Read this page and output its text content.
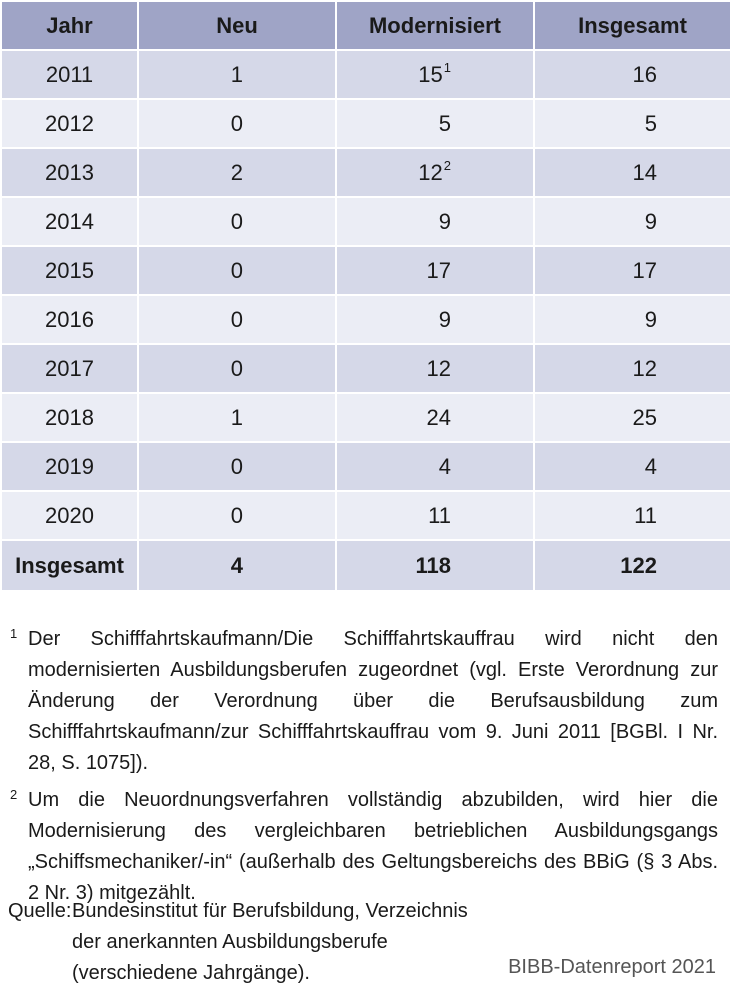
Jahr	Neu	Modernisiert	Insgesamt
2011	1	$15^1$	16
2012	0	5	5
2013	2	$12^2$	14
2014	0	9	9
2015	0	17	17
2016	0	9	9
2017	0	12	12
2018	1	24	25
2019	0	4	4
2020	0	11	11
Insgesamt	4	118	122
1 Der Schifffahrtskaufmann/Die Schifffahrtskauffrau wird nicht den modernisierten Ausbildungsberufen zugeordnet (vgl. Erste Verordnung zur Änderung der Verordnung über die Berufsausbildung zum Schifffahrtskaufmann/zur Schifffahrtskauffrau vom 9. Juni 2011 [BGBl. I Nr. 28, S. 1075]).
2 Um die Neuordnungsverfahren vollständig abzubilden, wird hier die Modernisierung des vergleichbaren betrieblichen Ausbildungsgangs „Schiffsmechaniker/-in“ (außerhalb des Geltungsbereichs des BBiG (§ 3 Abs. 2 Nr. 3) mitgezählt.
Quelle: Bundesinstitut für Berufsbildung, Verzeichnis der anerkannten Ausbildungsberufe (verschiedene Jahrgänge).	BIBB-Datenreport 2021
